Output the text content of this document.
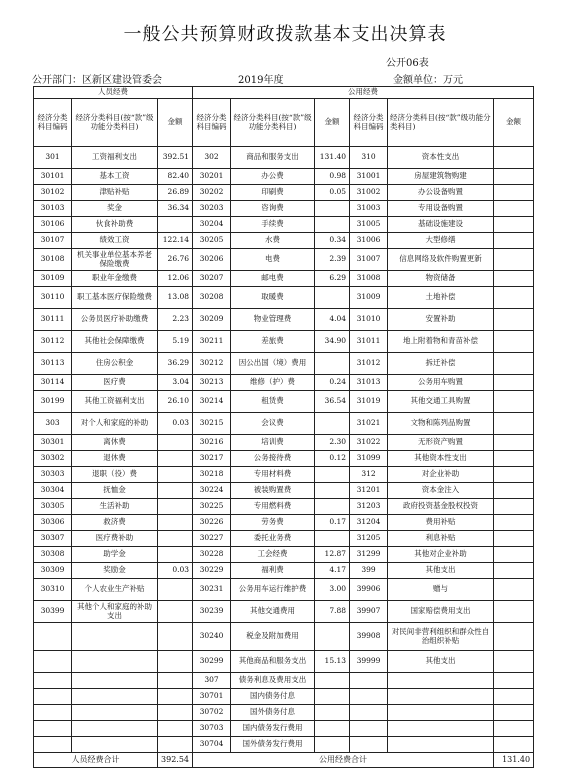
一般公共预算财政拨款基本支出决算表
公开06表
公开部门：区新区建设管委会	2019年度	金额单位：万元
人员经费			公用经费					
经济分类科目编码	经济分类科目(按“款”级功能分类科目)	金额	经济分类科目编码	经济分类科目(按“款”级功能分类科目)	金额	经济分类科目编码	经济分类科目(按“款”级功能分类科目)	金额
301	工资福利支出	392.51	302	商品和服务支出	131.40	310	资本性支出	
30101	基本工资	82.40	30201	办公费	0.98	31001	房屋建筑物购建	
30102	津贴补贴	26.89	30202	印刷费	0.05	31002	办公设备购置	
30103	奖金	36.34	30203	咨询费		31003	专用设备购置	
30106	伙食补助费		30204	手续费		31005	基础设施建设	
30107	绩效工资	122.14	30205	水费	0.34	31006	大型修缮	
30108	机关事业单位基本养老保险缴费	26.76	30206	电费	2.39	31007	信息网络及软件购置更新	
30109	职业年金缴费	12.06	30207	邮电费	6.29	31008	物资储备	
30110	职工基本医疗保险缴费	13.08	30208	取暖费		31009	土地补偿	
30111	公务员医疗补助缴费	2.23	30209	物业管理费	4.04	31010	安置补助	
30112	其他社会保障缴费	5.19	30211	差旅费	34.90	31011	地上附着物和青苗补偿	
30113	住房公积金	36.29	30212	因公出国（境）费用		31012	拆迁补偿	
30114	医疗费	3.04	30213	维修（护）费	0.24	31013	公务用车购置	
30199	其他工资福利支出	26.10	30214	租赁费	36.54	31019	其他交通工具购置	
303	对个人和家庭的补助	0.03	30215	会议费		31021	文物和陈列品购置	
30301	离休费		30216	培训费	2.30	31022	无形资产购置	
30302	退休费		30217	公务接待费	0.12	31099	其他资本性支出	
30303	退职（役）费		30218	专用材料费		312	对企业补助	
30304	抚恤金		30224	被装购置费		31201	资本金注入	
30305	生活补助		30225	专用燃料费		31203	政府投资基金股权投资	
30306	救济费		30226	劳务费	0.17	31204	费用补贴	
30307	医疗费补助		30227	委托业务费		31205	利息补贴	
30308	助学金		30228	工会经费	12.87	31299	其他对企业补助	
30309	奖励金	0.03	30229	福利费	4.17	399	其他支出	
30310	个人农业生产补贴		30231	公务用车运行维护费	3.00	39906	赠与	
30399	其他个人和家庭的补助支出		30239	其他交通费用	7.88	39907	国家赔偿费用支出	
			30240	税金及附加费用		39908	对民间非营利组织和群众性自治组织补贴	
			30299	其他商品和服务支出	15.13	39999	其他支出	
			307	债务利息及费用支出				
			30701	国内债务付息				
			30702	国外债务付息				
			30703	国内债务发行费用				
			30704	国外债务发行费用				
人员经费合计		392.54	公用经费合计					131.40
